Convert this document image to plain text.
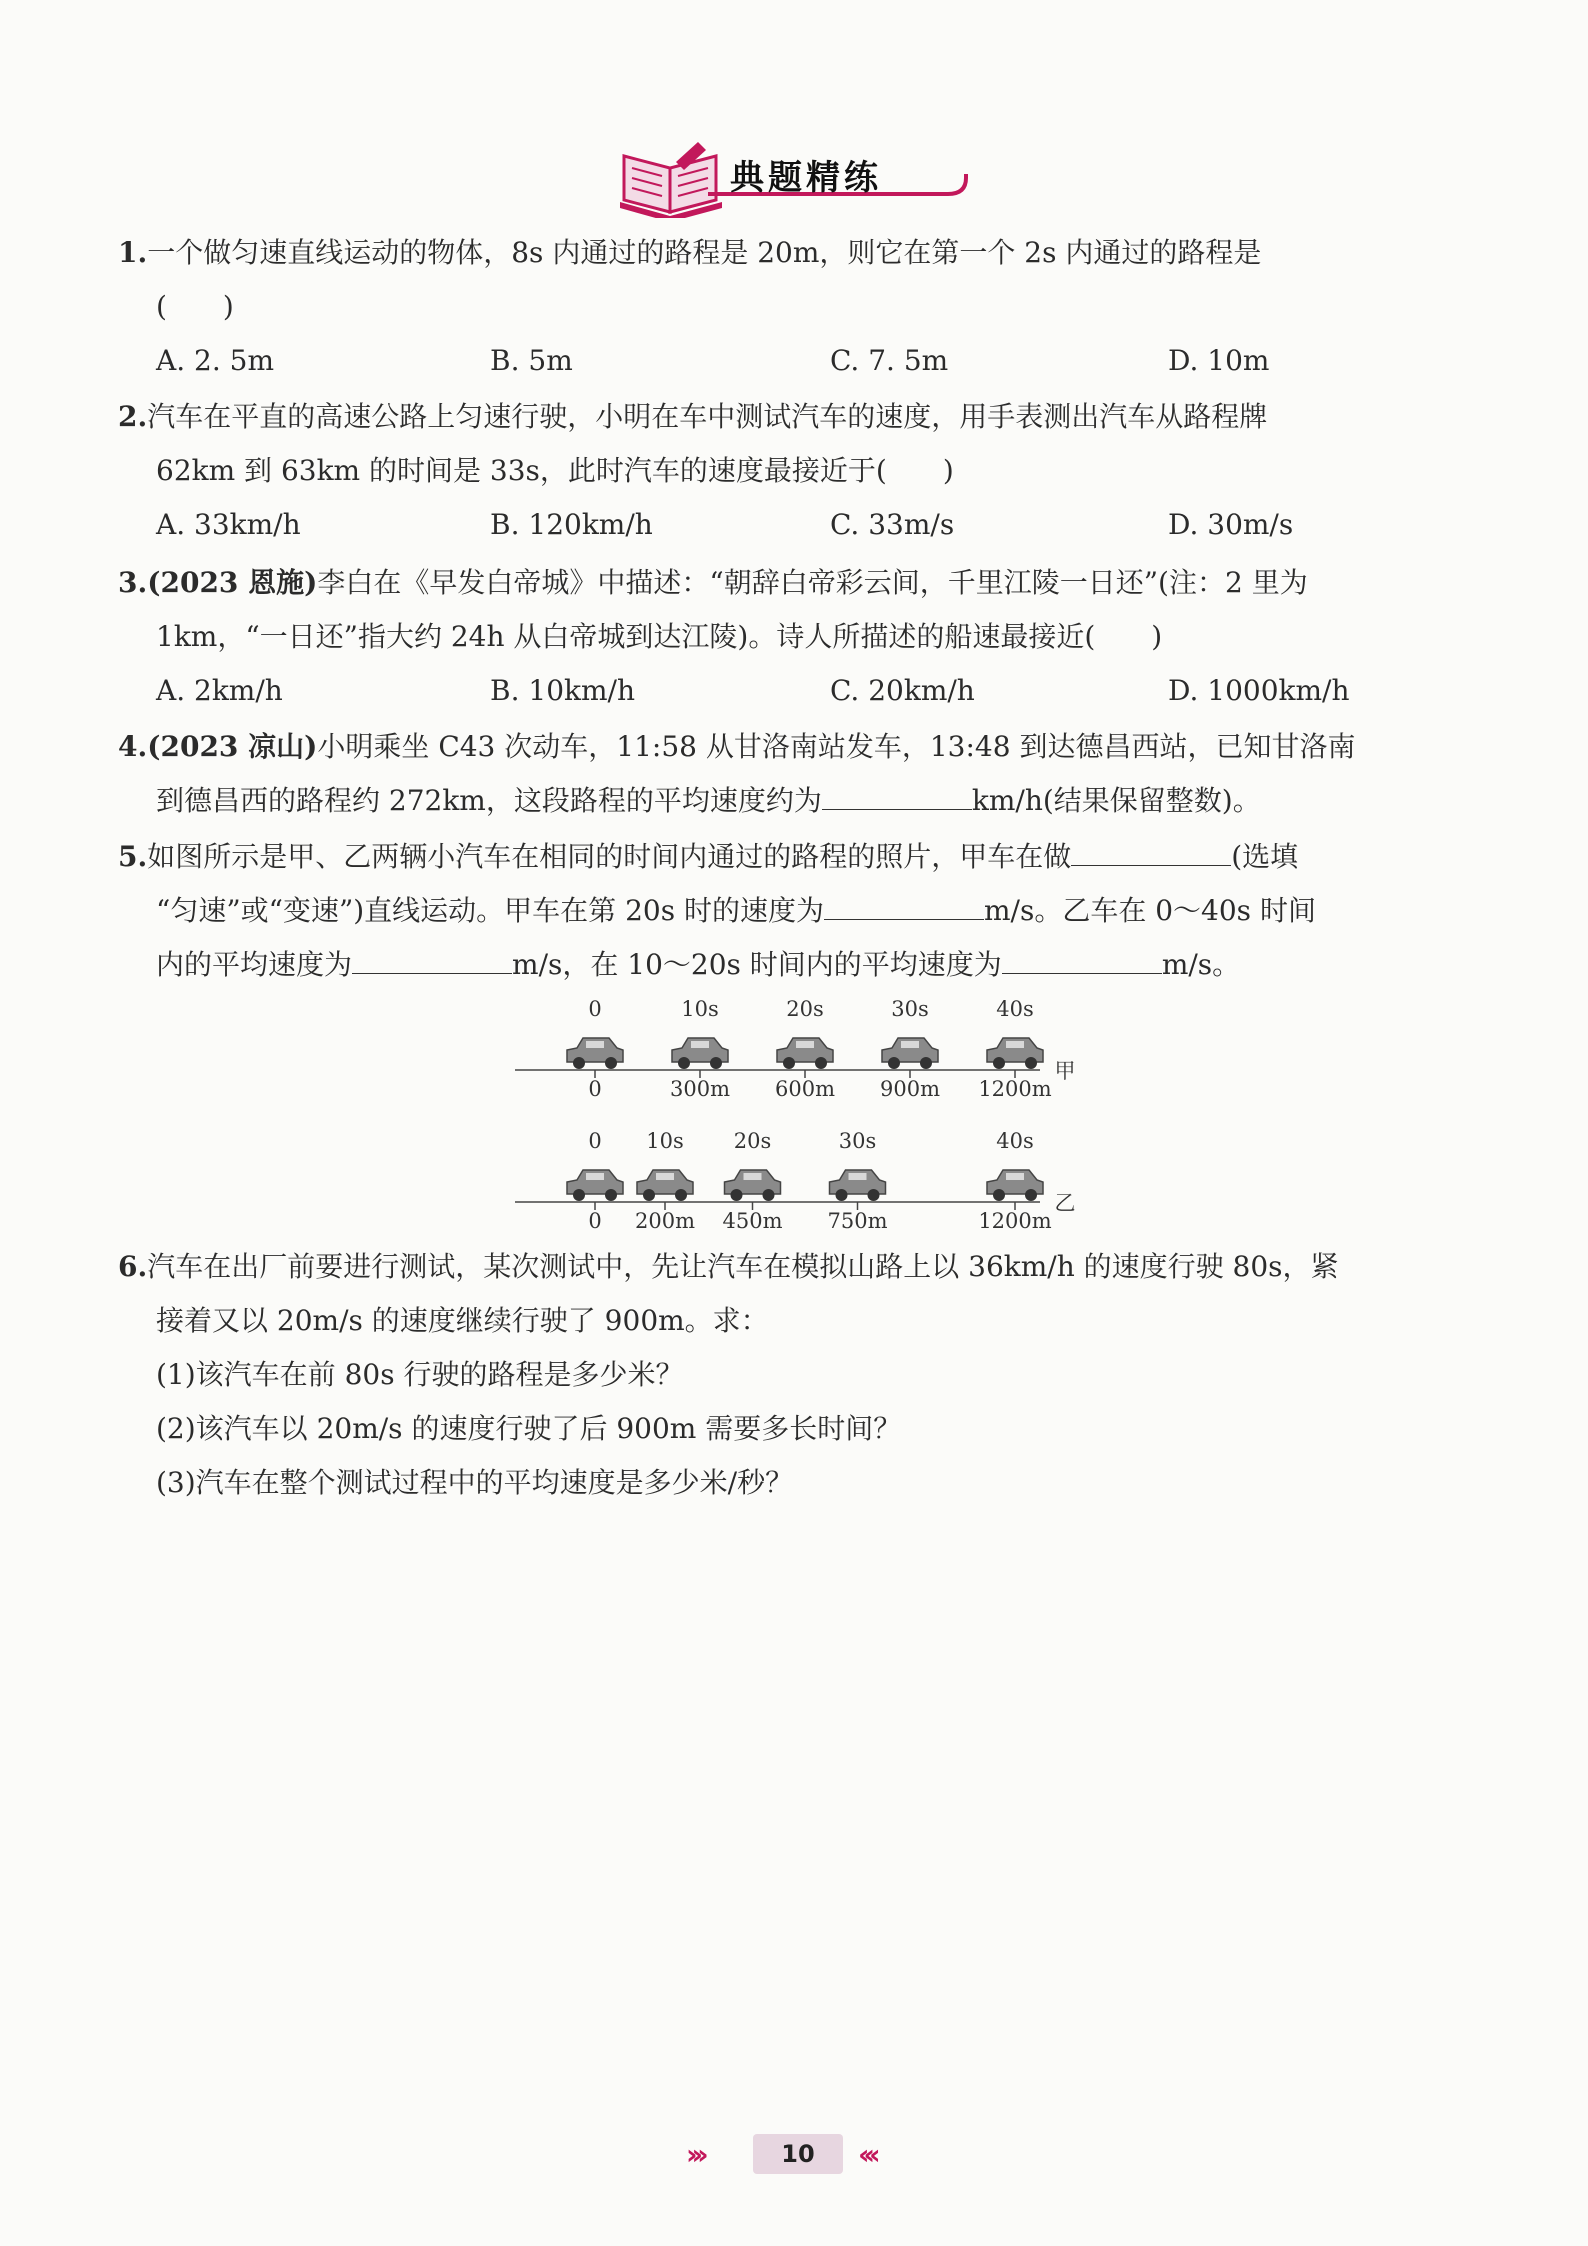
典题精练
1.一个做匀速直线运动的物体，8s 内通过的路程是 20m，则它在第一个 2s 内通过的路程是
(　　)
A. 2. 5m	B. 5m	C. 7. 5m	D. 10m
2.汽车在平直的高速公路上匀速行驶，小明在车中测试汽车的速度，用手表测出汽车从路程牌
62km 到 63km 的时间是 33s，此时汽车的速度最接近于(　　)
A. 33km/h	B. 120km/h	C. 33m/s	D. 30m/s
3.(2023 恩施)李白在《早发白帝城》中描述：“朝辞白帝彩云间，千里江陵一日还”(注：2 里为
1km，“一日还”指大约 24h 从白帝城到达江陵)。诗人所描述的船速最接近(　　)
A. 2km/h	B. 10km/h	C. 20km/h	D. 1000km/h
4.(2023 凉山)小明乘坐 C43 次动车，11:58 从甘洛南站发车，13:48 到达德昌西站，已知甘洛南
到德昌西的路程约 272km，这段路程的平均速度约为	km/h(结果保留整数)。
5.如图所示是甲、乙两辆小汽车在相同的时间内通过的路程的照片，甲车在做	(选填
“匀速”或“变速”)直线运动。甲车在第 20s 时的速度为	m/s。乙车在 0～40s 时间
内的平均速度为	m/s，在 10～20s 时间内的平均速度为	m/s。
0
0
10s
300m
20s
600m
30s
900m
40s
1200m
甲
0
0
10s
200m
20s
450m
30s
750m
40s
1200m
乙
6.汽车在出厂前要进行测试，某次测试中，先让汽车在模拟山路上以 36km/h 的速度行驶 80s，紧
接着又以 20m/s 的速度继续行驶了 900m。求：
(1)该汽车在前 80s 行驶的路程是多少米？
(2)该汽车以 20m/s 的速度行驶了后 900m 需要多长时间？
(3)汽车在整个测试过程中的平均速度是多少米/秒？
›››	10	‹‹‹
